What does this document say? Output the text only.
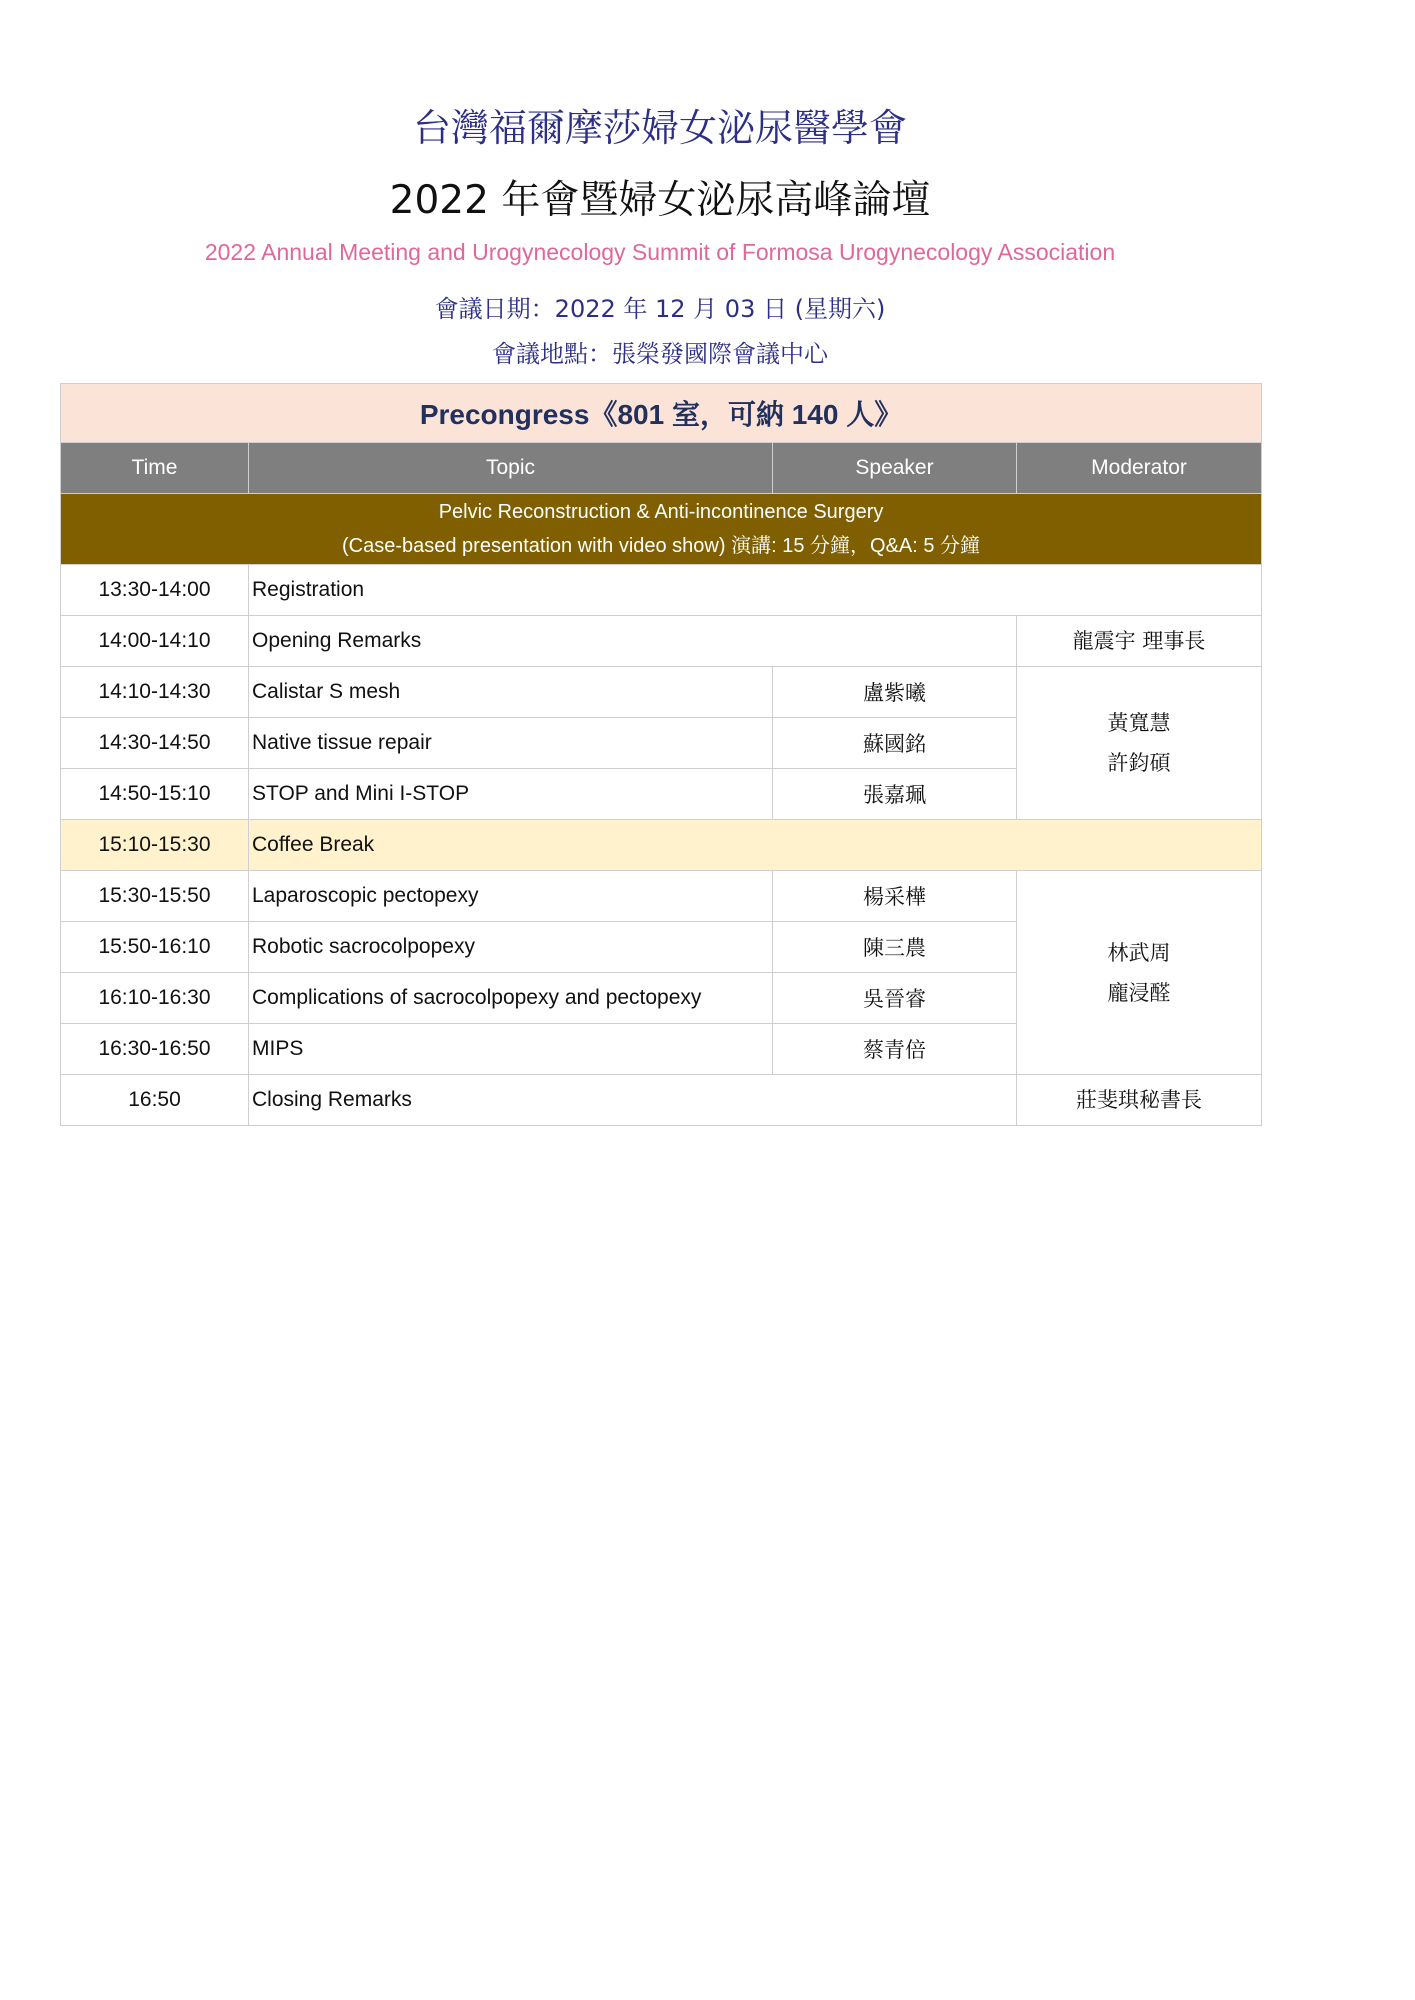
台灣福爾摩莎婦女泌尿醫學會
2022 年會暨婦女泌尿高峰論壇
2022 Annual Meeting and Urogynecology Summit of Formosa Urogynecology Association
會議日期：2022 年 12 月 03 日 (星期六)
會議地點：張榮發國際會議中心
Precongress《801 室，可納 140 人》			
Time	Topic	Speaker	Moderator

Pelvic Reconstruction & Anti-incontinence Surgery
(Case-based presentation with video show) 演講: 15 分鐘，Q&A: 5 分鐘			

13:30-14:00	Registration		
14:00-14:10	Opening Remarks		龍震宇 理事長
14:10-14:30	Calistar S mesh	盧紫曦	黃寬慧
許鈞碩

14:30-14:50	Native tissue repair	蘇國銘	
14:50-15:10	STOP and Mini I-STOP	張嘉珮	
15:10-15:30	Coffee Break		
15:30-15:50	Laparoscopic pectopexy	楊采樺	林武周
龐浸醛

15:50-16:10	Robotic sacrocolpopexy	陳三農	
16:10-16:30	Complications of sacrocolpopexy and pectopexy	吳晉睿	
16:30-16:50	MIPS	蔡青倍	
16:50	Closing Remarks		莊斐琪秘書長
